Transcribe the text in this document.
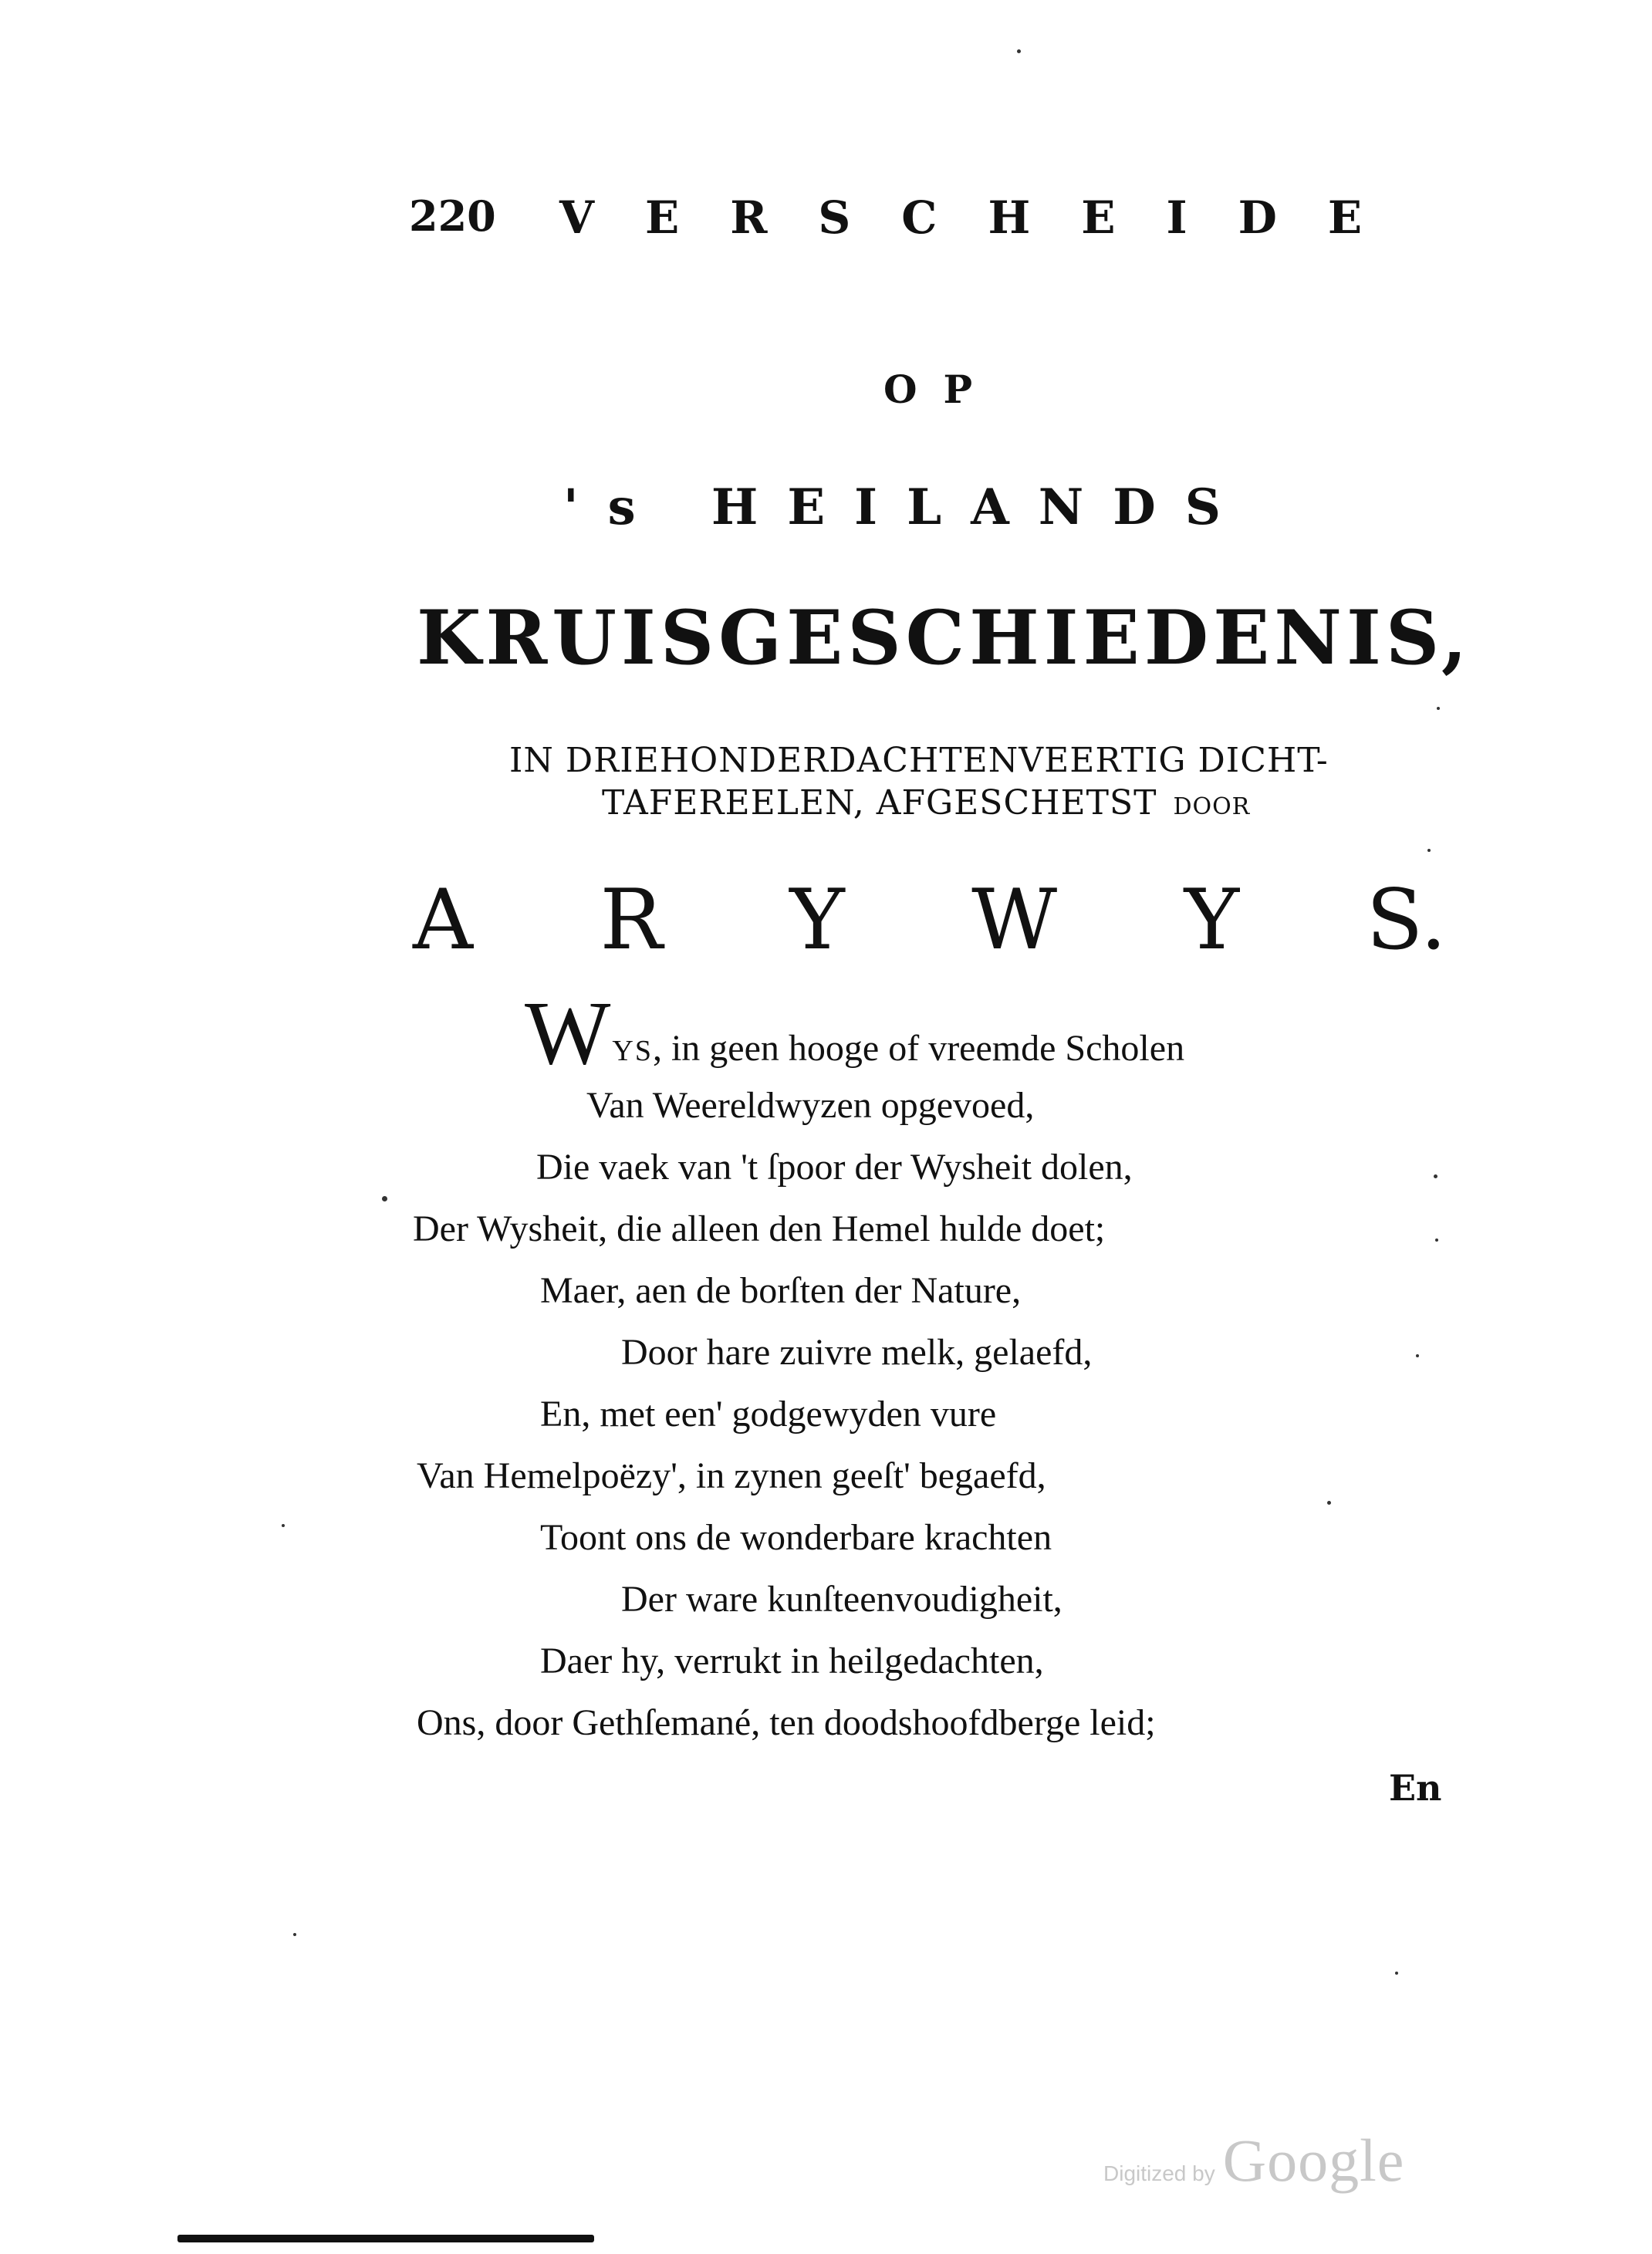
220 VERSCHEIDE
OP
's HEILANDS
KRUISGESCHIEDENIS,
IN DRIEHONDERDACHTENVEERTIG DICHT-
TAFEREELEN, AFGESCHETST DOOR
A R Y W Y S.
WYS, in geen hooge of vreemde Scholen
Van Weereldwyzen opgevoed,
Die vaek van 't ſpoor der Wysheit dolen,
Der Wysheit, die alleen den Hemel hulde doet;
Maer, aen de borſten der Nature,
Door hare zuivre melk, gelaefd,
En, met een' godgewyden vure
Van Hemelpoëzy', in zynen geeſt' begaefd,
Toont ons de wonderbare krachten
Der ware kunſteenvoudigheit,
Daer hy, verrukt in heilgedachten,
Ons, door Gethſemané, ten doodshoofdberge leid;
En
Digitized by Google
